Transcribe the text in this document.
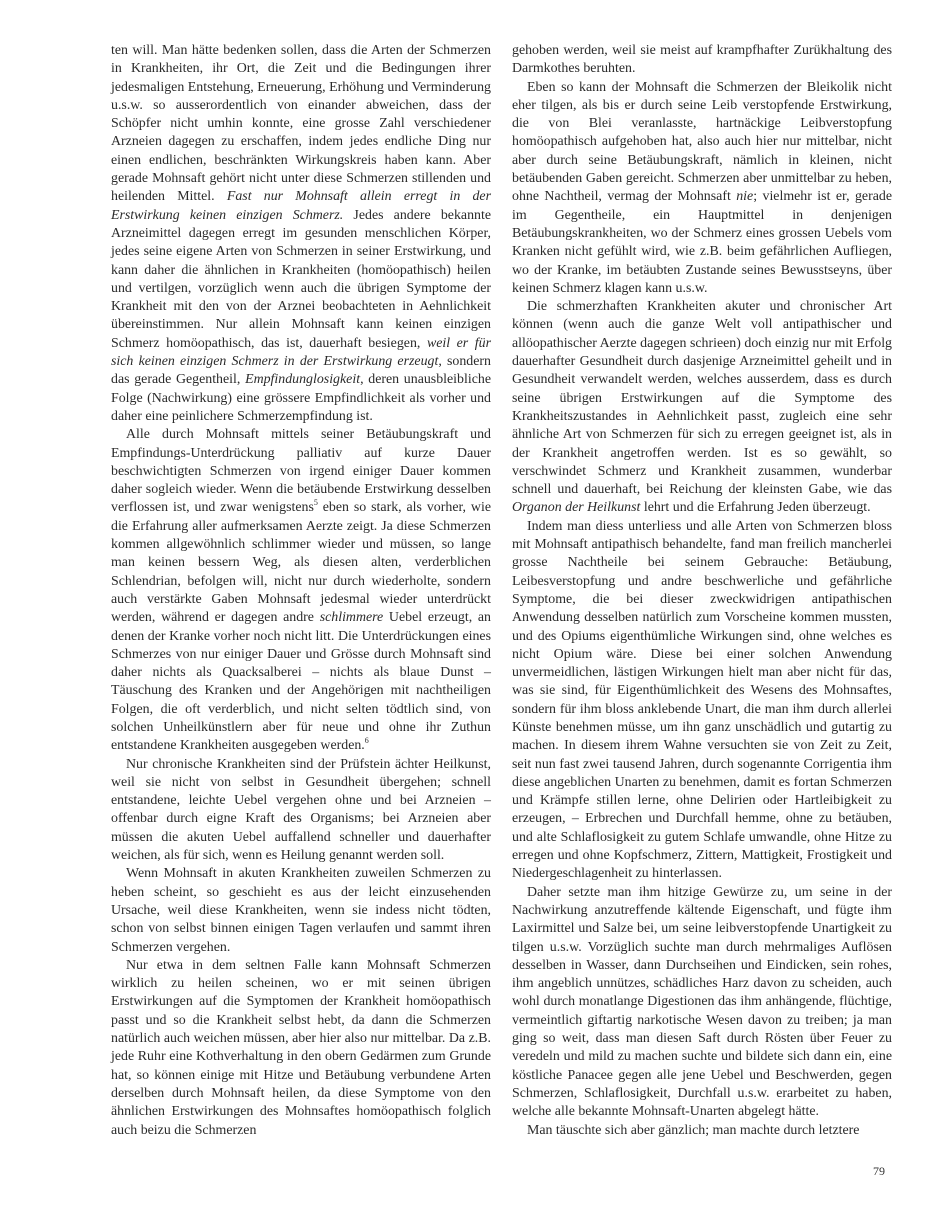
ten will. Man hätte bedenken sollen, dass die Arten der Schmerzen in Krankheiten, ihr Ort, die Zeit und die Bedingungen ihrer jedesmaligen Entstehung, Erneuerung, Erhöhung und Verminderung u.s.w. so ausserordentlich von einander abweichen, dass der Schöpfer nicht umhin konnte, eine grosse Zahl verschiedener Arzneien dagegen zu erschaffen, indem jedes endliche Ding nur einen endlichen, beschränkten Wirkungskreis haben kann. Aber gerade Mohnsaft gehört nicht unter diese Schmerzen stillenden und heilenden Mittel. Fast nur Mohnsaft allein erregt in der Erstwirkung keinen einzigen Schmerz. Jedes andere bekannte Arzneimittel dagegen erregt im gesunden menschlichen Körper, jedes seine eigene Arten von Schmerzen in seiner Erstwirkung, und kann daher die ähnlichen in Krankheiten (homöopathisch) heilen und vertilgen, vorzüglich wenn auch die übrigen Symptome der Krankheit mit den von der Arznei beobachteten in Aehnlichkeit übereinstimmen. Nur allein Mohnsaft kann keinen einzigen Schmerz homöopathisch, das ist, dauerhaft besiegen, weil er für sich keinen einzigen Schmerz in der Erstwirkung erzeugt, sondern das gerade Gegentheil, Empfindunglosigkeit, deren unausbleibliche Folge (Nachwirkung) eine grössere Empfindlichkeit als vorher und daher eine peinlichere Schmerzempfindung ist.

Alle durch Mohnsaft mittels seiner Betäubungskraft und Empfindungs-Unterdrückung palliativ auf kurze Dauer beschwichtigten Schmerzen von irgend einiger Dauer kommen daher sogleich wieder. Wenn die betäubende Erstwirkung desselben verflossen ist, und zwar wenigstens$^5$ eben so stark, als vorher, wie die Erfahrung aller aufmerksamen Aerzte zeigt. Ja diese Schmerzen kommen allgewöhnlich schlimmer wieder und müssen, so lange man keinen bessern Weg, als diesen alten, verderblichen Schlendrian, befolgen will, nicht nur durch wiederholte, sondern auch verstärkte Gaben Mohnsaft jedesmal wieder unterdrückt werden, während er dagegen andre schlimmere Uebel erzeugt, an denen der Kranke vorher noch nicht litt. Die Unterdrückungen eines Schmerzes von nur einiger Dauer und Grösse durch Mohnsaft sind daher nichts als Quacksalberei – nichts als blaue Dunst – Täuschung des Kranken und der Angehörigen mit nachtheiligen Folgen, die oft verderblich, und nicht selten tödtlich sind, von solchen Unheilkünstlern aber für neue und ohne ihr Zuthun entstandene Krankheiten ausgegeben werden.$^6$

Nur chronische Krankheiten sind der Prüfstein ächter Heilkunst, weil sie nicht von selbst in Gesundheit übergehen; schnell entstandene, leichte Uebel vergehen ohne und bei Arzneien – offenbar durch eigne Kraft des Organisms; bei Arzneien aber müssen die akuten Uebel auffallend schneller und dauerhafter weichen, als für sich, wenn es Heilung genannt werden soll.

Wenn Mohnsaft in akuten Krankheiten zuweilen Schmerzen zu heben scheint, so geschieht es aus der leicht einzusehenden Ursache, weil diese Krankheiten, wenn sie indess nicht tödten, schon von selbst binnen einigen Tagen verlaufen und sammt ihren Schmerzen vergehen.

Nur etwa in dem seltnen Falle kann Mohnsaft Schmerzen wirklich zu heilen scheinen, wo er mit seinen übrigen Erstwirkungen auf die Symptomen der Krankheit homöopathisch passt und so die Krankheit selbst hebt, da dann die Schmerzen natürlich auch weichen müssen, aber hier also nur mittelbar. Da z.B. jede Ruhr eine Kothverhaltung in den obern Gedärmen zum Grunde hat, so können einige mit Hitze und Betäubung verbundene Arten derselben durch Mohnsaft heilen, da diese Symptome von den ähnlichen Erstwirkungen des Mohnsaftes homöopathisch folglich auch beizu die Schmerzen

gehoben werden, weil sie meist auf krampfhafter Zurükhaltung des Darmkothes beruhten.

Eben so kann der Mohnsaft die Schmerzen der Bleikolik nicht eher tilgen, als bis er durch seine Leib verstopfende Erstwirkung, die von Blei veranlasste, hartnäckige Leibverstopfung homöopathisch aufgehoben hat, also auch hier nur mittelbar, nicht aber durch seine Betäubungskraft, nämlich in kleinen, nicht betäubenden Gaben gereicht. Schmerzen aber unmittelbar zu heben, ohne Nachtheil, vermag der Mohnsaft nie; vielmehr ist er, gerade im Gegentheile, ein Hauptmittel in denjenigen Betäubungskrankheiten, wo der Schmerz eines grossen Uebels vom Kranken nicht gefühlt wird, wie z.B. beim gefährlichen Aufliegen, wo der Kranke, im betäubten Zustande seines Bewusstseyns, über keinen Schmerz klagen kann u.s.w.

Die schmerzhaften Krankheiten akuter und chronischer Art können (wenn auch die ganze Welt voll antipathischer und allöopathischer Aerzte dagegen schrieen) doch einzig nur mit Erfolg dauerhafter Gesundheit durch dasjenige Arzneimittel geheilt und in Gesundheit verwandelt werden, welches ausserdem, dass es durch seine übrigen Erstwirkungen auf die Symptome des Krankheitszustandes in Aehnlichkeit passt, zugleich eine sehr ähnliche Art von Schmerzen für sich zu erregen geeignet ist, als in der Krankheit angetroffen werden. Ist es so gewählt, so verschwindet Schmerz und Krankheit zusammen, wunderbar schnell und dauerhaft, bei Reichung der kleinsten Gabe, wie das Organon der Heilkunst lehrt und die Erfahrung Jeden überzeugt.

Indem man diess unterliess und alle Arten von Schmerzen bloss mit Mohnsaft antipathisch behandelte, fand man freilich mancherlei grosse Nachtheile bei seinem Gebrauche: Betäubung, Leibesverstopfung und andre beschwerliche und gefährliche Symptome, die bei dieser zweckwidrigen antipathischen Anwendung desselben natürlich zum Vorscheine kommen mussten, und des Opiums eigenthümliche Wirkungen sind, ohne welches es nicht Opium wäre. Diese bei einer solchen Anwendung unvermeidlichen, lästigen Wirkungen hielt man aber nicht für das, was sie sind, für Eigenthümlichkeit des Wesens des Mohnsaftes, sondern für ihm bloss anklebende Unart, die man ihm durch allerlei Künste benehmen müsse, um ihn ganz unschädlich und gutartig zu machen. In diesem ihrem Wahne versuchten sie von Zeit zu Zeit, seit nun fast zwei tausend Jahren, durch sogenannte Corrigentia ihm diese angeblichen Unarten zu benehmen, damit es fortan Schmerzen und Krämpfe stillen lerne, ohne Delirien oder Hartleibigkeit zu erzeugen, – Erbrechen und Durchfall hemme, ohne zu betäuben, und alte Schlaflosigkeit zu gutem Schlafe umwandle, ohne Hitze zu erregen und ohne Kopfschmerz, Zittern, Mattigkeit, Frostigkeit und Niedergeschlagenheit zu hinterlassen.

Daher setzte man ihm hitzige Gewürze zu, um seine in der Nachwirkung anzutreffende kältende Eigenschaft, und fügte ihm Laxirmittel und Salze bei, um seine leibverstopfende Unartigkeit zu tilgen u.s.w. Vorzüglich suchte man durch mehrmaliges Auflösen desselben in Wasser, dann Durchseihen und Eindicken, sein rohes, ihm angeblich unnützes, schädliches Harz davon zu scheiden, auch wohl durch monatlange Digestionen das ihm anhängende, flüchtige, vermeintlich giftartig narkotische Wesen davon zu treiben; ja man ging so weit, dass man diesen Saft durch Rösten über Feuer zu veredeln und mild zu machen suchte und bildete sich dann ein, eine köstliche Panacee gegen alle jene Uebel und Beschwerden, gegen Schmerzen, Schlaflosigkeit, Durchfall u.s.w. erarbeitet zu haben, welche alle bekannte Mohnsaft-Unarten abgelegt hätte.

Man täuschte sich aber gänzlich; man machte durch letztere

79
